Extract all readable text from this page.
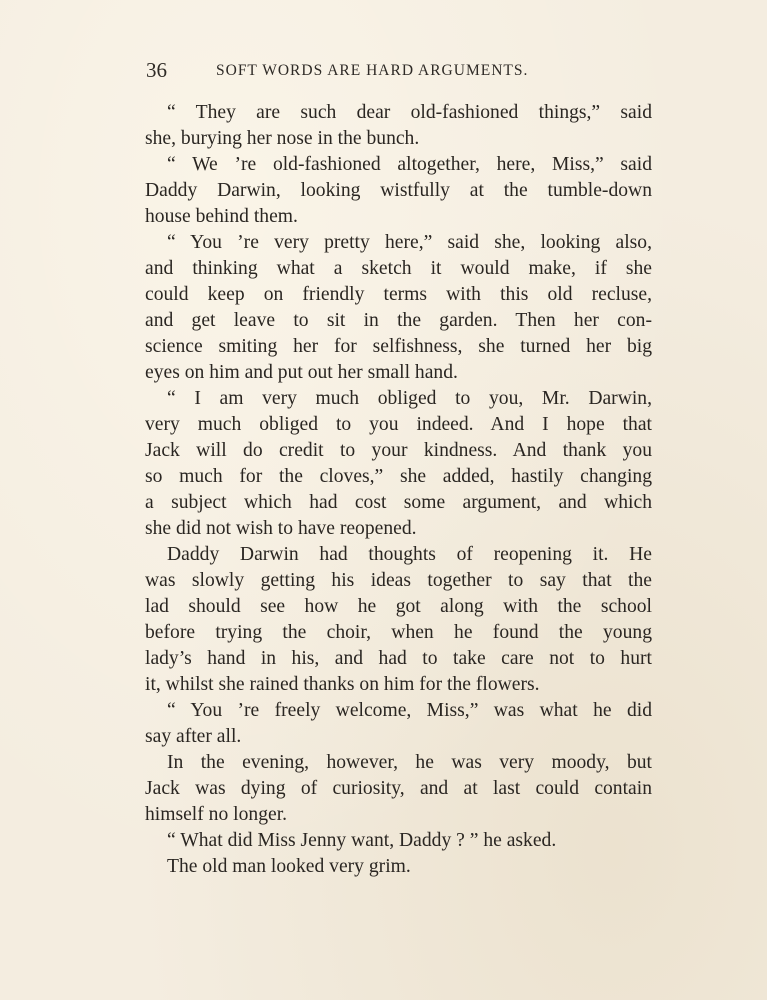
36	SOFT WORDS ARE HARD ARGUMENTS.

“ They are such dear old-fashioned things,” said
she, burying her nose in the bunch.

“ We ’re old-fashioned altogether, here, Miss,” said
Daddy Darwin, looking wistfully at the tumble-down
house behind them.

“ You ’re very pretty here,” said she, looking also,
and thinking what a sketch it would make, if she
could keep on friendly terms with this old recluse,
and get leave to sit in the garden. Then her con-
science smiting her for selfishness, she turned her big
eyes on him and put out her small hand.

“ I am very much obliged to you, Mr. Darwin,
very much obliged to you indeed. And I hope that
Jack will do credit to your kindness. And thank you
so much for the cloves,” she added, hastily changing
a subject which had cost some argument, and which
she did not wish to have reopened.

Daddy Darwin had thoughts of reopening it. He
was slowly getting his ideas together to say that the
lad should see how he got along with the school
before trying the choir, when he found the young
lady’s hand in his, and had to take care not to hurt
it, whilst she rained thanks on him for the flowers.

“ You ’re freely welcome, Miss,” was what he did
say after all.

In the evening, however, he was very moody, but
Jack was dying of curiosity, and at last could contain
himself no longer.

“ What did Miss Jenny want, Daddy ? ” he asked.

The old man looked very grim.
